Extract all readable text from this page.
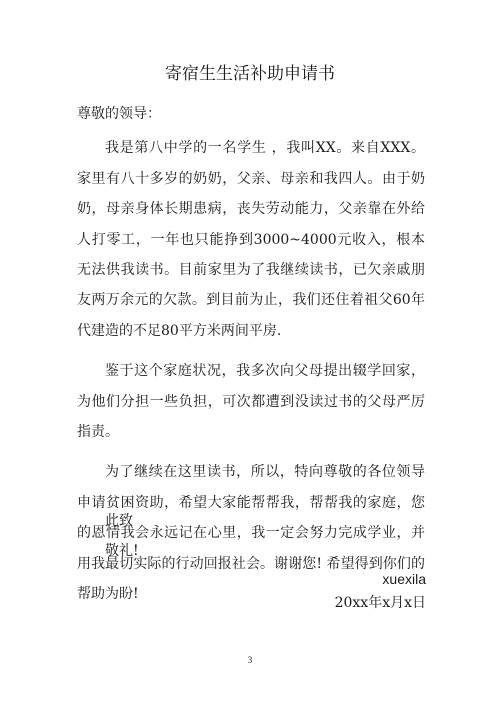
寄宿生生活补助申请书

尊敬的领导：

我是第八中学的一名学生 ，我叫XX。来自XXX。家里有八十多岁的奶奶，父亲、母亲和我四人。由于奶奶，母亲身体长期患病，丧失劳动能力，父亲靠在外给人打零工，一年也只能挣到3000~4000元收入，根本无法供我读书。目前家里为了我继续读书，已欠亲戚朋友两万余元的欠款。到目前为止，我们还住着祖父60年代建造的不足80平方米两间平房.

鉴于这个家庭状况，我多次向父母提出辍学回家，为他们分担一些负担，可次都遭到没读过书的父母严厉指责。

为了继续在这里读书，所以，特向尊敬的各位领导申请贫困资助，希望大家能帮帮我，帮帮我的家庭，您的恩情我会永远记在心里，我一定会努力完成学业，并用我最切实际的行动回报社会。谢谢您! 希望得到你们的帮助为盼!

此致
敬礼!
xuexila
20xx年x月x日
3
